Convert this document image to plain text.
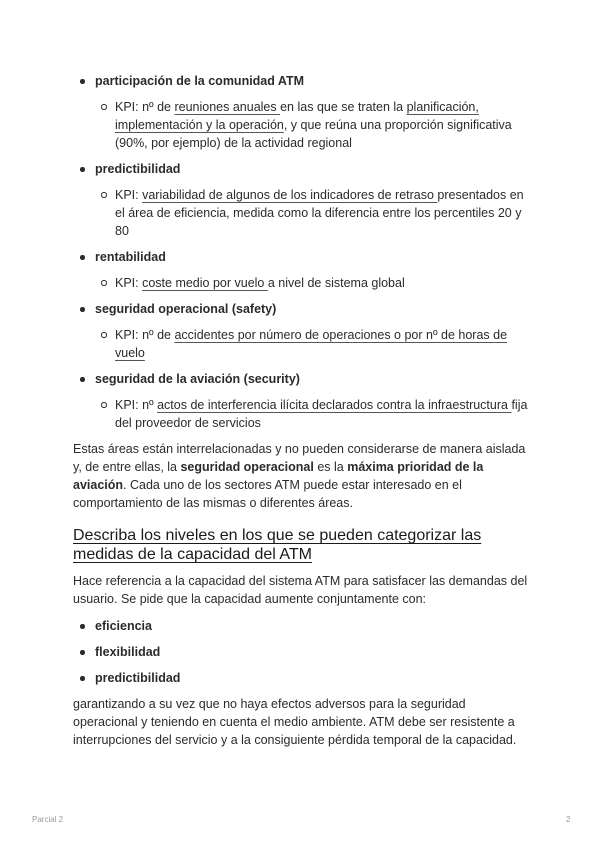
participación de la comunidad ATM
KPI: nº de reuniones anuales en las que se traten la planificación, implementación y la operación, y que reúna una proporción significativa (90%, por ejemplo) de la actividad regional
predictibilidad
KPI: variabilidad de algunos de los indicadores de retraso presentados en el área de eficiencia, medida como la diferencia entre los percentiles 20 y 80
rentabilidad
KPI: coste medio por vuelo a nivel de sistema global
seguridad operacional (safety)
KPI: nº de accidentes por número de operaciones o por nº de horas de vuelo
seguridad de la aviación (security)
KPI: nº actos de interferencia ilícita declarados contra la infraestructura fija del proveedor de servicios

Estas áreas están interrelacionadas y no pueden considerarse de manera aislada y, de entre ellas, la seguridad operacional es la máxima prioridad de la aviación. Cada uno de los sectores ATM puede estar interesado en el comportamiento de las mismas o diferentes áreas.

Describa los niveles en los que se pueden categorizar las medidas de la capacidad del ATM

Hace referencia a la capacidad del sistema ATM para satisfacer las demandas del usuario. Se pide que la capacidad aumente conjuntamente con:

eficiencia
flexibilidad
predictibilidad

garantizando a su vez que no haya efectos adversos para la seguridad operacional y teniendo en cuenta el medio ambiente. ATM debe ser resistente a interrupciones del servicio y a la consiguiente pérdida temporal de la capacidad.

Parcial 2	2
